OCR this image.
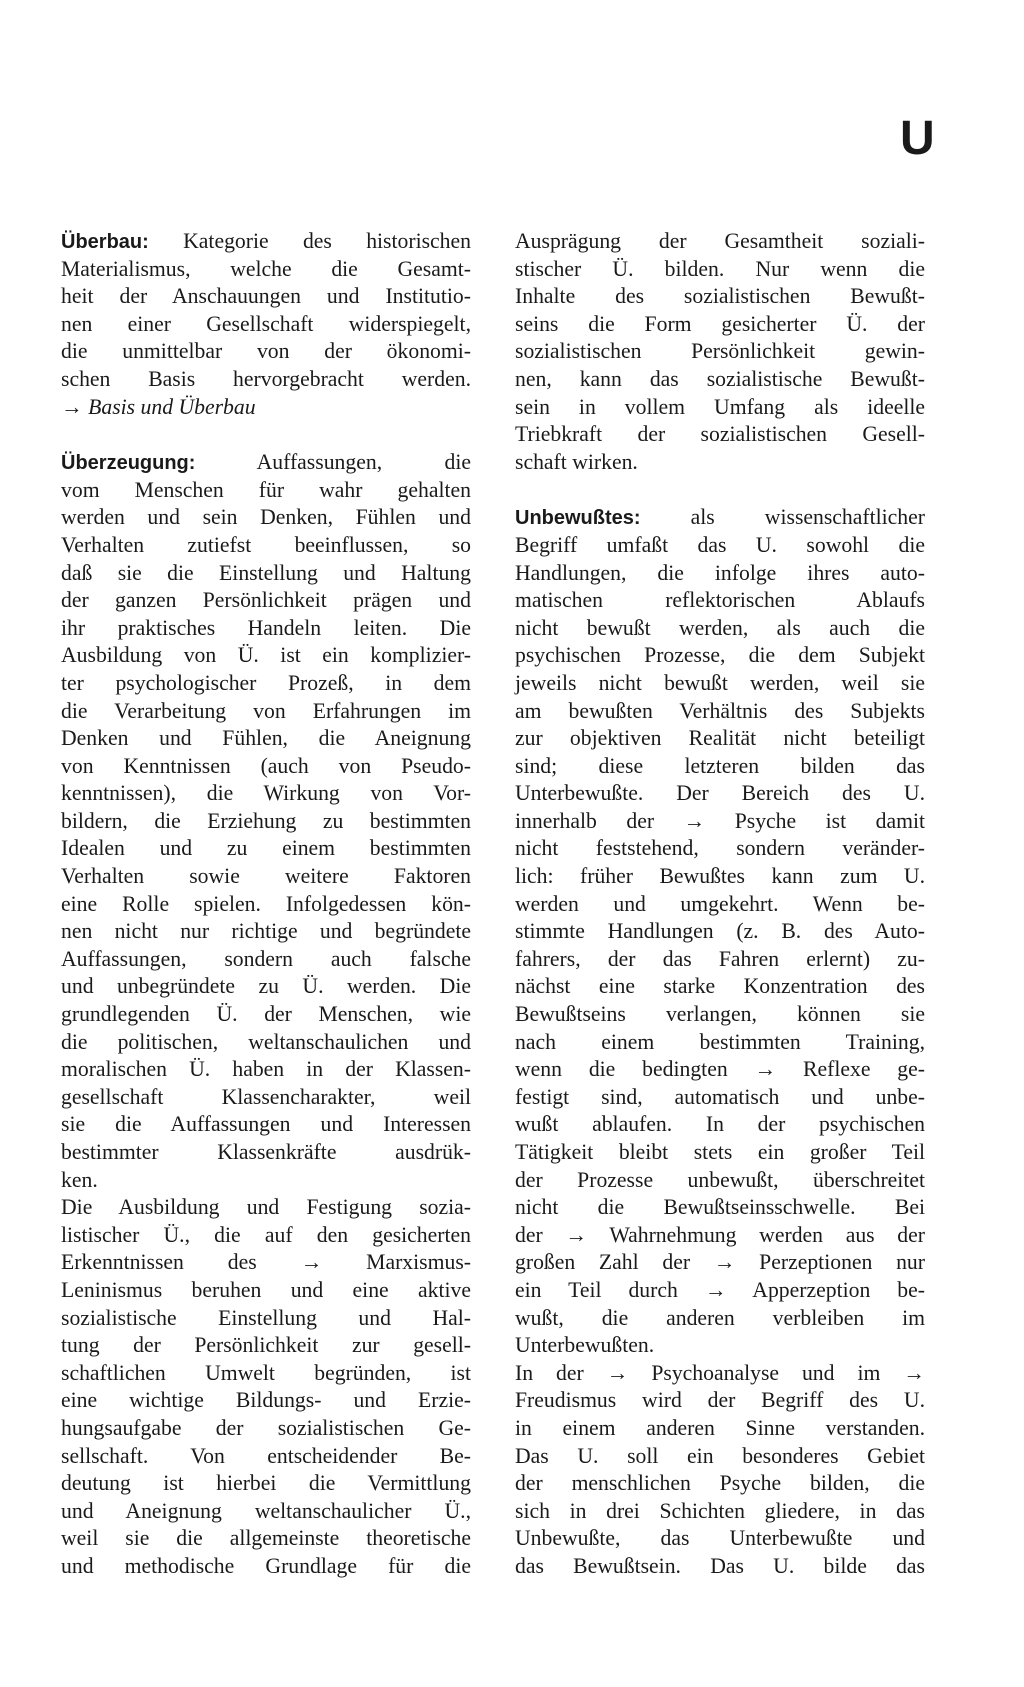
U
Überbau: Kategorie des historischen
Materialismus, welche die Gesamt-
heit der Anschauungen und Institutio-
nen einer Gesellschaft widerspiegelt,
die unmittelbar von der ökonomi-
schen Basis hervorgebracht werden.
→ Basis und Überbau
Überzeugung:	Auffassungen, die
vom Menschen für wahr gehalten
werden und sein Denken, Fühlen und
Verhalten zutiefst beeinflussen, so
daß sie die Einstellung und Haltung
der ganzen Persönlichkeit prägen und
ihr praktisches Handeln leiten. Die
Ausbildung von Ü. ist ein komplizier-
ter psychologischer Prozeß, in dem
die Verarbeitung von Erfahrungen im
Denken und Fühlen, die Aneignung
von Kenntnissen (auch von Pseudo-
kenntnissen), die Wirkung von Vor-
bildern, die Erziehung zu bestimmten
Idealen und zu einem bestimmten
Verhalten sowie weitere Faktoren
eine Rolle spielen. Infolgedessen kön-
nen nicht nur richtige und begründete
Auffassungen, sondern auch falsche
und unbegründete zu Ü. werden. Die
grundlegenden Ü. der Menschen, wie
die politischen, weltanschaulichen und
moralischen Ü. haben in der Klassen-
gesellschaft Klassencharakter, weil
sie die Auffassungen und Interessen
bestimmter Klassenkräfte ausdrük-
ken.
Die Ausbildung und Festigung sozia-
listischer Ü., die auf den gesicherten
Erkenntnissen des → Marxismus-
Leninismus beruhen und eine aktive
sozialistische Einstellung und Hal-
tung der Persönlichkeit zur gesell-
schaftlichen Umwelt begründen, ist
eine wichtige Bildungs- und Erzie-
hungsaufgabe der sozialistischen Ge-
sellschaft. Von entscheidender Be-
deutung ist hierbei die Vermittlung
und Aneignung weltanschaulicher Ü.,
weil sie die allgemeinste theoretische
und methodische Grundlage für die
Ausprägung der Gesamtheit soziali-
stischer Ü. bilden. Nur wenn die
Inhalte des sozialistischen Bewußt-
seins die Form gesicherter Ü. der
sozialistischen Persönlichkeit gewin-
nen, kann das sozialistische Bewußt-
sein in vollem Umfang als ideelle
Triebkraft der sozialistischen Gesell-
schaft wirken.
Unbewußtes: als wissenschaftlicher
Begriff umfaßt das U. sowohl die
Handlungen, die infolge ihres auto-
matischen reflektorischen Ablaufs
nicht bewußt werden, als auch die
psychischen Prozesse, die dem Subjekt
jeweils nicht bewußt werden, weil sie
am bewußten Verhältnis des Subjekts
zur objektiven Realität nicht beteiligt
sind; diese letzteren bilden das
Unterbewußte. Der Bereich des U.
innerhalb der → Psyche ist damit
nicht feststehend, sondern veränder-
lich: früher Bewußtes kann zum U.
werden und umgekehrt. Wenn be-
stimmte Handlungen (z. B. des Auto-
fahrers, der das Fahren erlernt) zu-
nächst eine starke Konzentration des
Bewußtseins verlangen, können sie
nach einem bestimmten Training,
wenn die bedingten → Reflexe ge-
festigt sind, automatisch und unbe-
wußt ablaufen. In der psychischen
Tätigkeit bleibt stets ein großer Teil
der Prozesse unbewußt, überschreitet
nicht die Bewußtseinsschwelle. Bei
der → Wahrnehmung werden aus der
großen Zahl der → Perzeptionen nur
ein Teil durch → Apperzeption be-
wußt, die anderen verbleiben im
Unterbewußten.
In der → Psychoanalyse und im →
Freudismus wird der Begriff des U.
in einem anderen Sinne verstanden.
Das U. soll ein besonderes Gebiet
der menschlichen Psyche bilden, die
sich in drei Schichten gliedere, in das
Unbewußte, das Unterbewußte und
das Bewußtsein. Das U. bilde das
